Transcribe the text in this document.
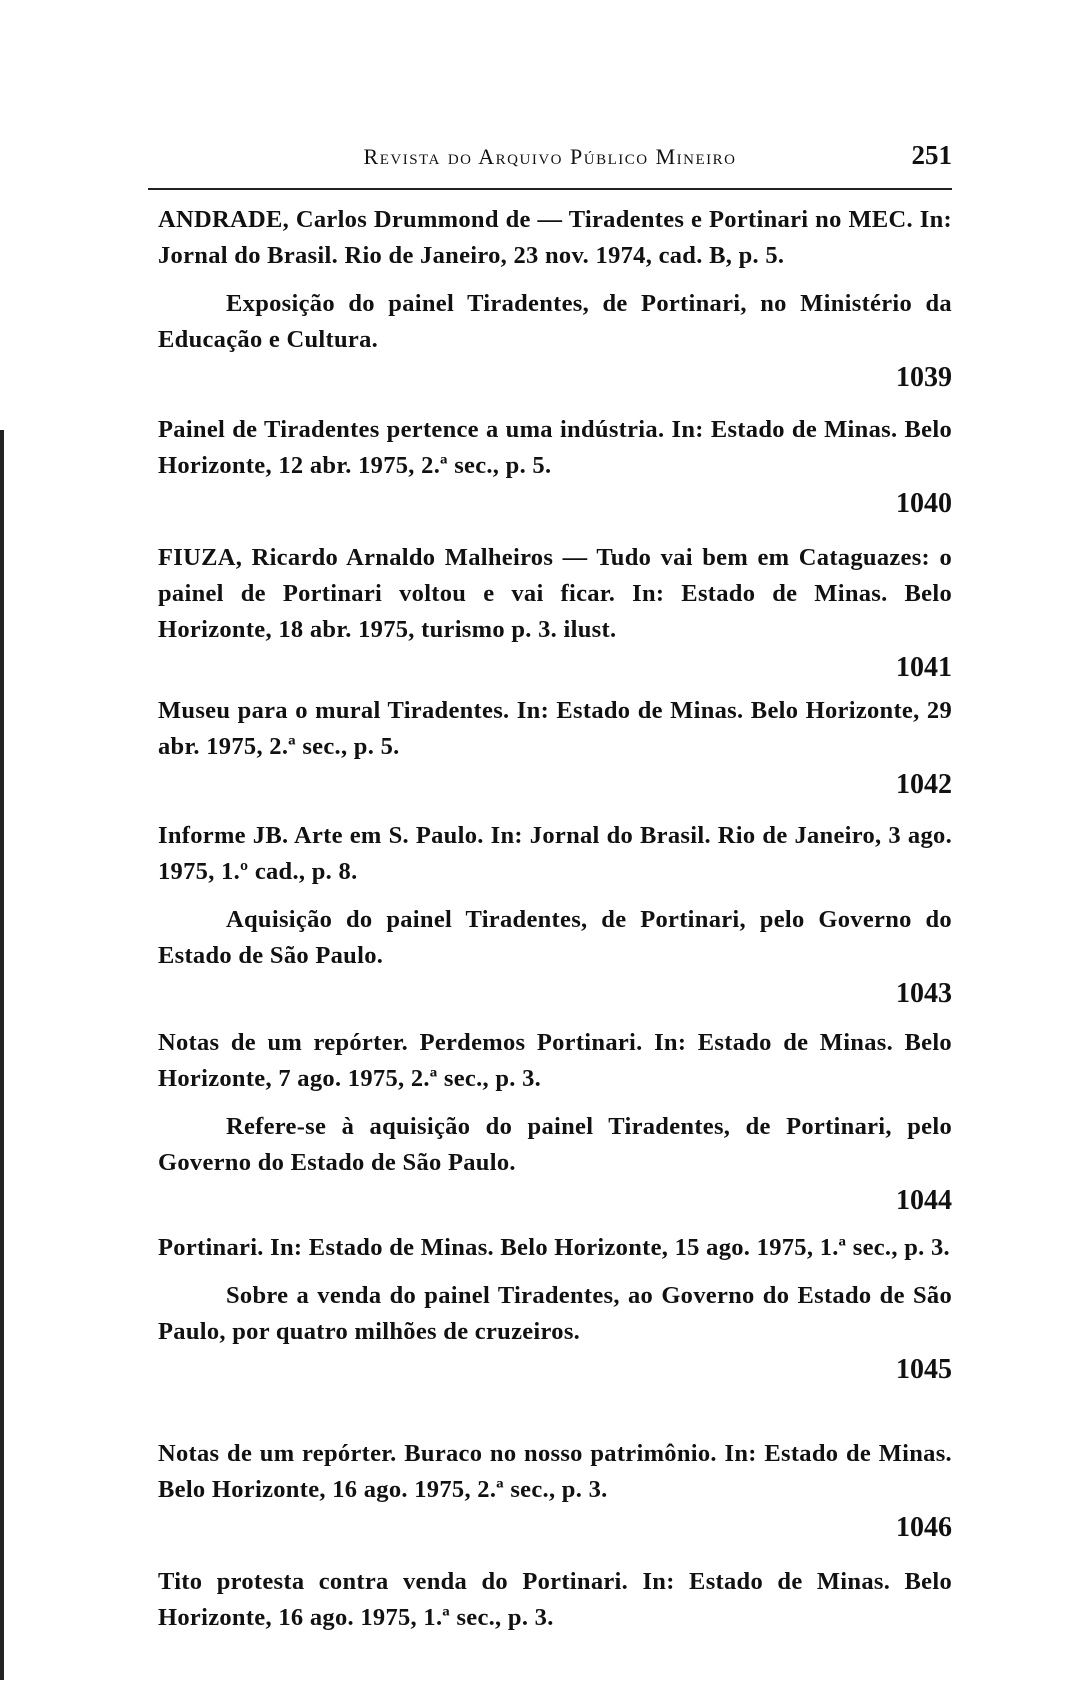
Revista do Arquivo Público Mineiro	251
ANDRADE, Carlos Drummond de — Tiradentes e Portinari no MEC. In: Jornal do Brasil. Rio de Janeiro, 23 nov. 1974, cad. B, p. 5.
Exposição do painel Tiradentes, de Portinari, no Ministério da Educação e Cultura.
1039
Painel de Tiradentes pertence a uma indústria. In: Estado de Minas. Belo Horizonte, 12 abr. 1975, 2.ª sec., p. 5.
1040
FIUZA, Ricardo Arnaldo Malheiros — Tudo vai bem em Cataguazes: o painel de Portinari voltou e vai ficar. In: Estado de Minas. Belo Horizonte, 18 abr. 1975, turismo p. 3. ilust.
1041
Museu para o mural Tiradentes. In: Estado de Minas. Belo Horizonte, 29 abr. 1975, 2.ª sec., p. 5.
1042
Informe JB. Arte em S. Paulo. In: Jornal do Brasil. Rio de Janeiro, 3 ago. 1975, 1.º cad., p. 8.
Aquisição do painel Tiradentes, de Portinari, pelo Governo do Estado de São Paulo.
1043
Notas de um repórter. Perdemos Portinari. In: Estado de Minas. Belo Horizonte, 7 ago. 1975, 2.ª sec., p. 3.
Refere-se à aquisição do painel Tiradentes, de Portinari, pelo Governo do Estado de São Paulo.
1044
Portinari. In: Estado de Minas. Belo Horizonte, 15 ago. 1975, 1.ª sec., p. 3.
Sobre a venda do painel Tiradentes, ao Governo do Estado de São Paulo, por quatro milhões de cruzeiros.
1045
Notas de um repórter. Buraco no nosso patrimônio. In: Estado de Minas. Belo Horizonte, 16 ago. 1975, 2.ª sec., p. 3.
1046
Tito protesta contra venda do Portinari. In: Estado de Minas. Belo Horizonte, 16 ago. 1975, 1.ª sec., p. 3.
